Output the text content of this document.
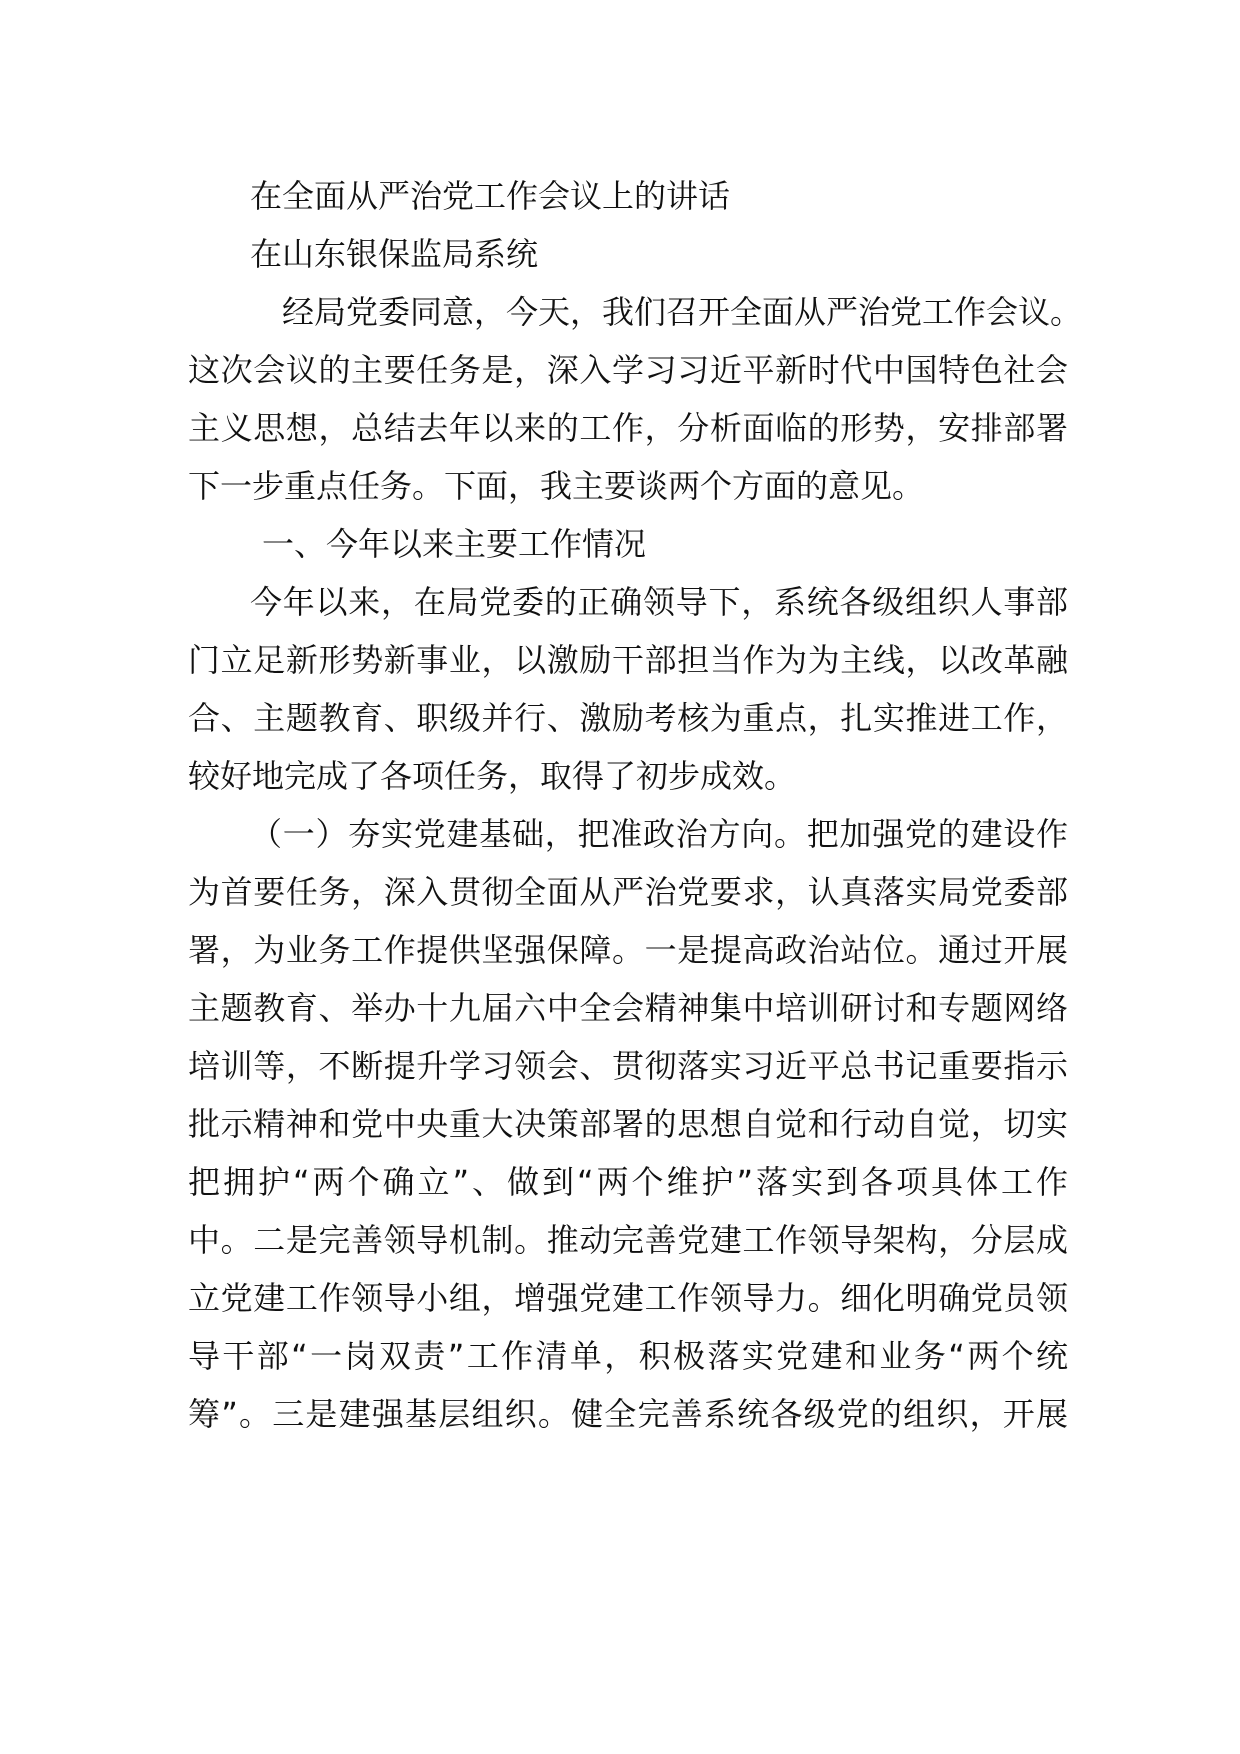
在全面从严治党工作会议上的讲话
在山东银保监局系统
经局党委同意，今天，我们召开全面从严治党工作会议。
这次会议的主要任务是，深入学习习近平新时代中国特色社会
主义思想，总结去年以来的工作，分析面临的形势，安排部署
下一步重点任务。下面，我主要谈两个方面的意见。
一、今年以来主要工作情况
今年以来，在局党委的正确领导下，系统各级组织人事部
门立足新形势新事业，以激励干部担当作为为主线，以改革融
合、主题教育、职级并行、激励考核为重点，扎实推进工作，
较好地完成了各项任务，取得了初步成效。
（一）夯实党建基础，把准政治方向。把加强党的建设作
为首要任务，深入贯彻全面从严治党要求，认真落实局党委部
署，为业务工作提供坚强保障。一是提高政治站位。通过开展
主题教育、举办十九届六中全会精神集中培训研讨和专题网络
培训等，不断提升学习领会、贯彻落实习近平总书记重要指示
批示精神和党中央重大决策部署的思想自觉和行动自觉，切实
把拥护“两个确立”、做到“两个维护”落实到各项具体工作
中。二是完善领导机制。推动完善党建工作领导架构，分层成
立党建工作领导小组，增强党建工作领导力。细化明确党员领
导干部“一岗双责”工作清单，积极落实党建和业务“两个统
筹”。三是建强基层组织。健全完善系统各级党的组织，开展
